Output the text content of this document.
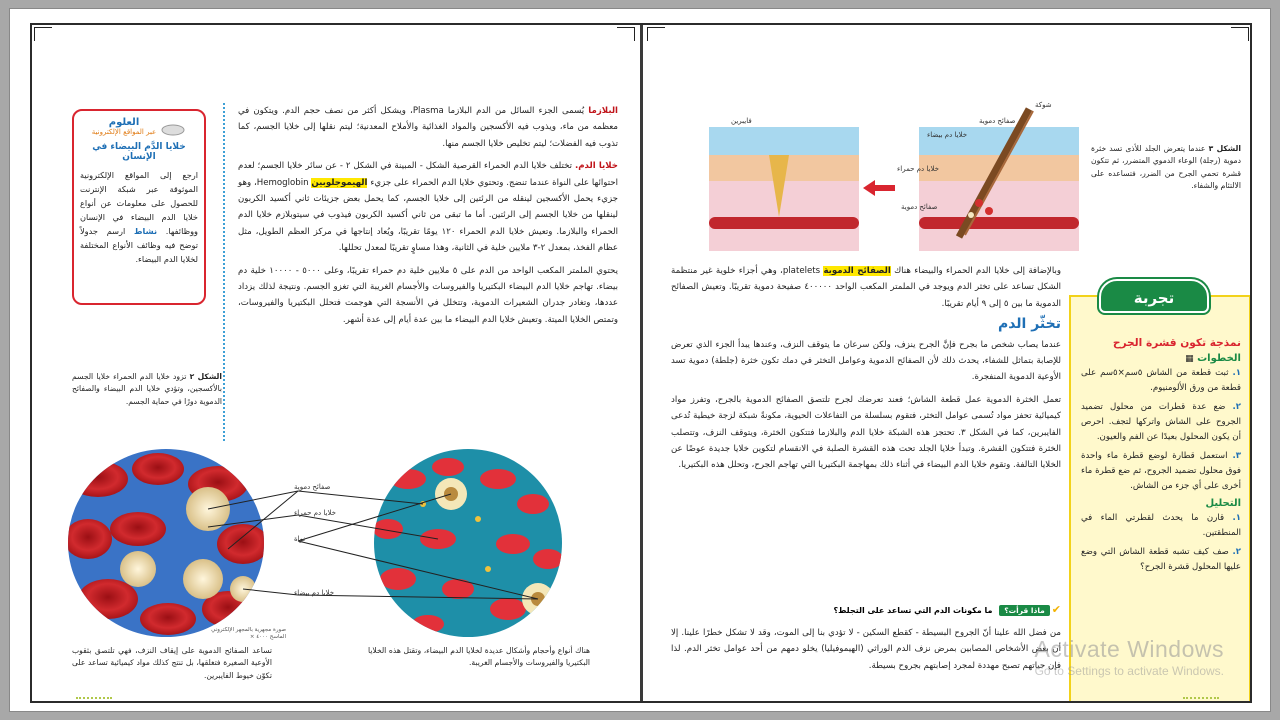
العلوم
عبر المواقع الإلكترونية
خلايا الدَّم البيضاء في الإنسان
ارجع إلى المواقع الإلكترونية الموثوقة عبر شبكة الإنترنت للحصول على معلومات عن أنواع خلايا الدم البيضاء في الإنسان ووظائفها. نشاط ارسم جدولاً توضح فيه وظائف الأنواع المختلفة لخلايا الدم البيضاء.

البلازما يُسمى الجزء السائل من الدم البلازما Plasma، ويشكل أكثر من نصف حجم الدم. ويتكون في معظمه من ماء، ويذوب فيه الأكسجين والمواد الغذائية والأملاح المعدنية؛ ليتم نقلها إلى خلايا الجسم، كما تذوب فيه الفضلات؛ ليتم تخليص خلايا الجسم منها.

خلايا الدم. تختلف خلايا الدم الحمراء القرصية الشكل - المبينة في الشكل ٢ - عن سائر خلايا الجسم؛ لعدم احتوائها على النواة عندما تنضج. وتحتوي خلايا الدم الحمراء على جزيء الهيموجلوبين Hemoglobin، وهو جزيء يحمل الأكسجين لينقله من الرئتين إلى خلايا الجسم، كما يحمل بعض جزيئات ثاني أكسيد الكربون لينقلها من خلايا الجسم إلى الرئتين. أما ما تبقى من ثاني أكسيد الكربون فيذوب في سيتوبلازم خلايا الدم الحمراء والبلازما. وتعيش خلايا الدم الحمراء ١٢٠ يومًا تقريبًا، ويُعاد إنتاجها في مركز العظم الطويل، مثل عظام الفخذ، بمعدل ٢-٣ ملايين خلية في الثانية، وهذا مساوٍ تقريبًا لمعدل تحللها.

يحتوي الملمتر المكعب الواحد من الدم على ٥ ملايين خلية دم حمراء تقريبًا، وعلى ٥٠٠٠ - ١٠٠٠٠ خلية دم بيضاء. تهاجم خلايا الدم البيضاء البكتيريا والفيروسات والأجسام الغريبة التي تغزو الجسم. ونتيجة لذلك يزداد عددها، وتغادر جدران الشعيرات الدموية، وتتخلل في الأنسجة التي هوجمت فتحلل البكتيريا والفيروسات، وتمتص الخلايا الميتة. وتعيش خلايا الدم البيضاء ما بين عدة أيام إلى عدة أشهر.

الشكل ٢ تزود خلايا الدم الحمراء خلايا الجسم بالأكسجين، وتؤدي خلايا الدم البيضاء والصفائح الدموية دورًا في حماية الجسم.
صفائح دموية
خلايا دم حمراء
نواة
خلايا دم بيضاء
صورة مجهرية بالمجهر الإلكتروني الماسح ٤٠٠٠ ×
تساعد الصفائح الدموية على إيقاف النزف، فهي تلتصق بثقوب الأوعية الصغيرة فتغلقها، بل تنتج كذلك مواد كيميائية تساعد على تكوّن خيوط الفايبرين.
هناك أنواع وأحجام وأشكال عديدة لخلايا الدم البيضاء، وتقتل هذه الخلايا البكتيريا والفيروسات والأجسام الغريبة.
فايبرين
شوكة
صفائح دموية
خلايا دم بيضاء
خلايا دم حمراء
صفائح دموية
الشكل ٣ عندما يتعرض الجلد للأذى تسد خثرة دموية (رجلة) الوعاء الدموي المتضرر، ثم تتكون قشرة تحمي الجرح من الضرر، فتساعده على الالتئام والشفاء.

وبالإضافة إلى خلايا الدم الحمراء والبيضاء هناك الصفائح الدموية platelets، وهي أجزاء خلوية غير منتظمة الشكل تساعد على تخثر الدم ويوجد في الملمتر المكعب الواحد ٤٠٠٠٠٠ صفيحة دموية تقريبًا. وتعيش الصفائح الدموية ما بين ٥ إلى ٩ أيام تقريبًا.

تخثّر الدم

عندما يصاب شخص ما بجرح فإنَّ الجرح ينزف، ولكن سرعان ما يتوقف النزف، وعندها يبدأ الجزء الذي تعرض للإصابة بتماثل للشفاء، يحدث ذلك لأن الصفائح الدموية وعوامل التخثر في دمك تكون خثرة (جلطة) دموية تسد الأوعية الدموية المنفجرة.

تعمل الخثرة الدموية عمل قطعة الشاش؛ فعند تعرضك لجرح تلتصق الصفائح الدموية بالجرح، وتفرز مواد كيميائية تحفز مواد تُسمى عوامل التخثر، فتقوم بسلسلة من التفاعلات الحيوية، مكونةً شبكة لزجة خيطية تُدعى الفايبرين، كما في الشكل ٣. تحتجز هذه الشبكة خلايا الدم والبلازما فتتكون الخثرة، ويتوقف النزف، وتتصلب الخثرة فتتكون القشرة. وتبدأ خلايا الجلد تحت هذه القشرة الصلبة في الانقسام لتكوين خلايا جديدة عوضًا عن الخلايا التالفة. وتقوم خلايا الدم البيضاء في أثناء ذلك بمهاجمة البكتيريا التي تهاجم الجرح، وتحلل هذه البكتيريا.

✔ماذا قرأت؟ ما مكونات الدم التي تساعد على التجلط؟
من فضل الله علينا أنّ الجروح البسيطة - كقطع السكين - لا تؤدي بنا إلى الموت، وقد لا تشكل خطرًا علينا. إلا أن بعض الأشخاص المصابين بمرض نزف الدم الوراثي (الهيموفيليا) يخلو دمهم من أحد عوامل تخثر الدم. لذا فإن حياتهم تصبح مهددة لمجرد إصابتهم بجروح بسيطة.
نمذجة تكون قشرة الجرح
الخطوات ▦
١. ثبت قطعة من الشاش ٥سم×٥سم على قطعة من ورق الألومنيوم.
٢. ضع عدة قطرات من محلول تضميد الجروح على الشاش واتركها لتجف. احرص أن يكون المحلول بعيدًا عن الفم والعيون.
٣. استعمل قطارة لوضع قطرة ماء واحدة فوق محلول تضميد الجروح، ثم ضع قطرة ماء أخرى على أي جزء من الشاش.
التحليل
١. قارن ما يحدث لقطرتي الماء في المنطقتين.
٢. صف كيف تشبه قطعة الشاش التي وضع عليها المحلول قشرة الجرح؟
تجربة
Activate Windows
Go to Settings to activate Windows.
